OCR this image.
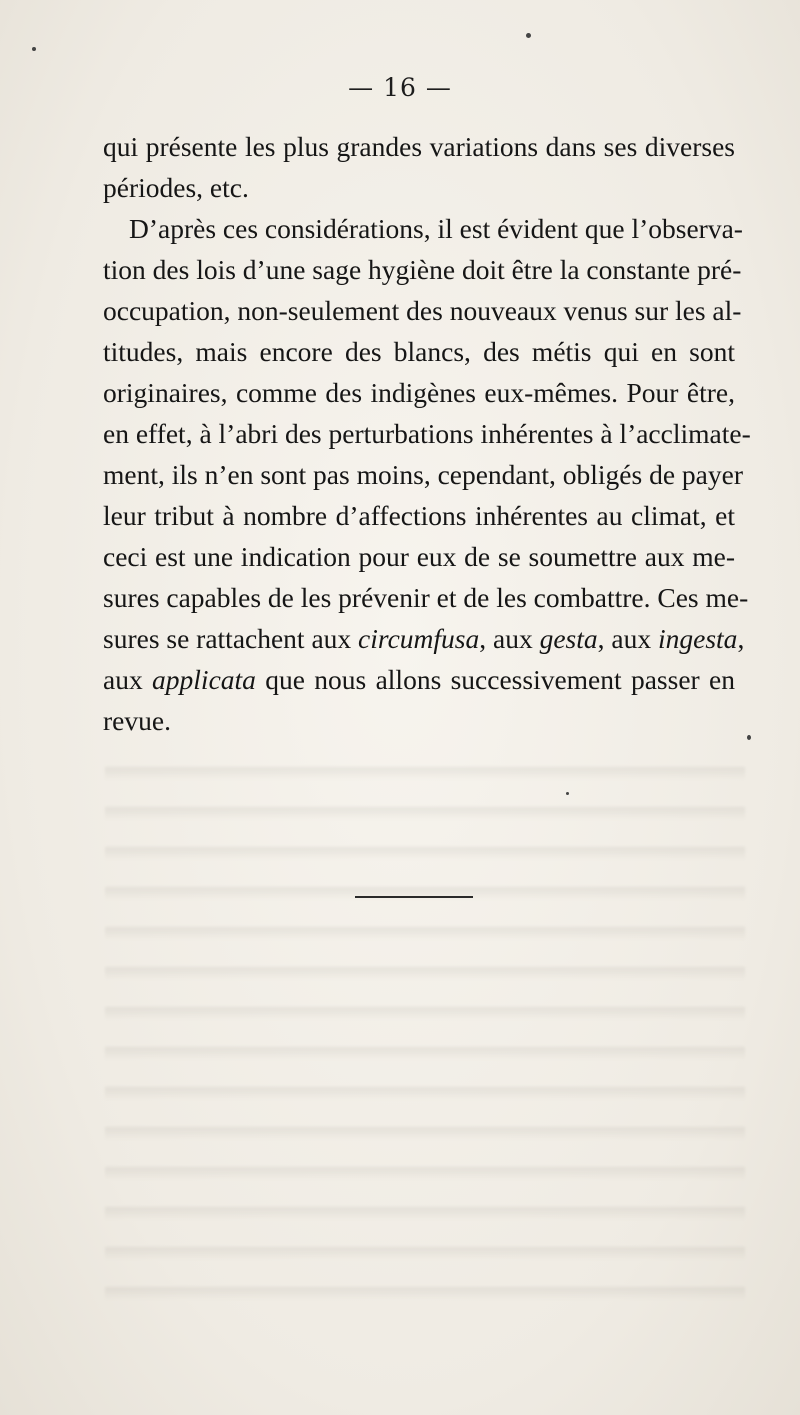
— 16 —
qui présente les plus grandes variations dans ses diverses
périodes, etc.
D’après ces considérations, il est évident que l’observa-
tion des lois d’une sage hygiène doit être la constante pré-
occupation, non-seulement des nouveaux venus sur les al-
titudes, mais encore des blancs, des métis qui en sont
originaires, comme des indigènes eux-mêmes. Pour être,
en effet, à l’abri des perturbations inhérentes à l’acclimate-
ment, ils n’en sont pas moins, cependant, obligés de payer
leur tribut à nombre d’affections inhérentes au climat, et
ceci est une indication pour eux de se soumettre aux me-
sures capables de les prévenir et de les combattre. Ces me-
sures se rattachent aux circumfusa, aux gesta, aux ingesta,
aux applicata que nous allons successivement passer en
revue.
